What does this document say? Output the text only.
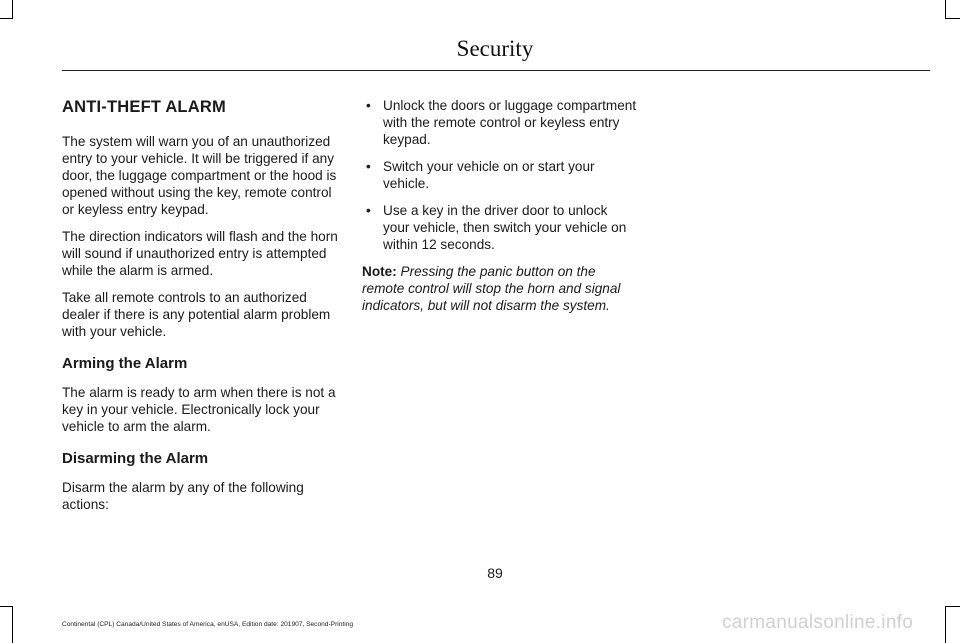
Security
ANTI-THEFT ALARM

The system will warn you of an unauthorized entry to your vehicle. It will be triggered if any door, the luggage compartment or the hood is opened without using the key, remote control or keyless entry keypad.

The direction indicators will flash and the horn will sound if unauthorized entry is attempted while the alarm is armed.

Take all remote controls to an authorized dealer if there is any potential alarm problem with your vehicle.

Arming the Alarm

The alarm is ready to arm when there is not a key in your vehicle. Electronically lock your vehicle to arm the alarm.

Disarming the Alarm

Disarm the alarm by any of the following actions:

• Unlock the doors or luggage compartment with the remote control or keyless entry keypad.
• Switch your vehicle on or start your vehicle.
• Use a key in the driver door to unlock your vehicle, then switch your vehicle on within 12 seconds.

Note: Pressing the panic button on the remote control will stop the horn and signal indicators, but will not disarm the system.

89
Continental (CPL) Canada/United States of America, enUSA, Edition date: 201907, Second-Printing	carmanualsonline.info
